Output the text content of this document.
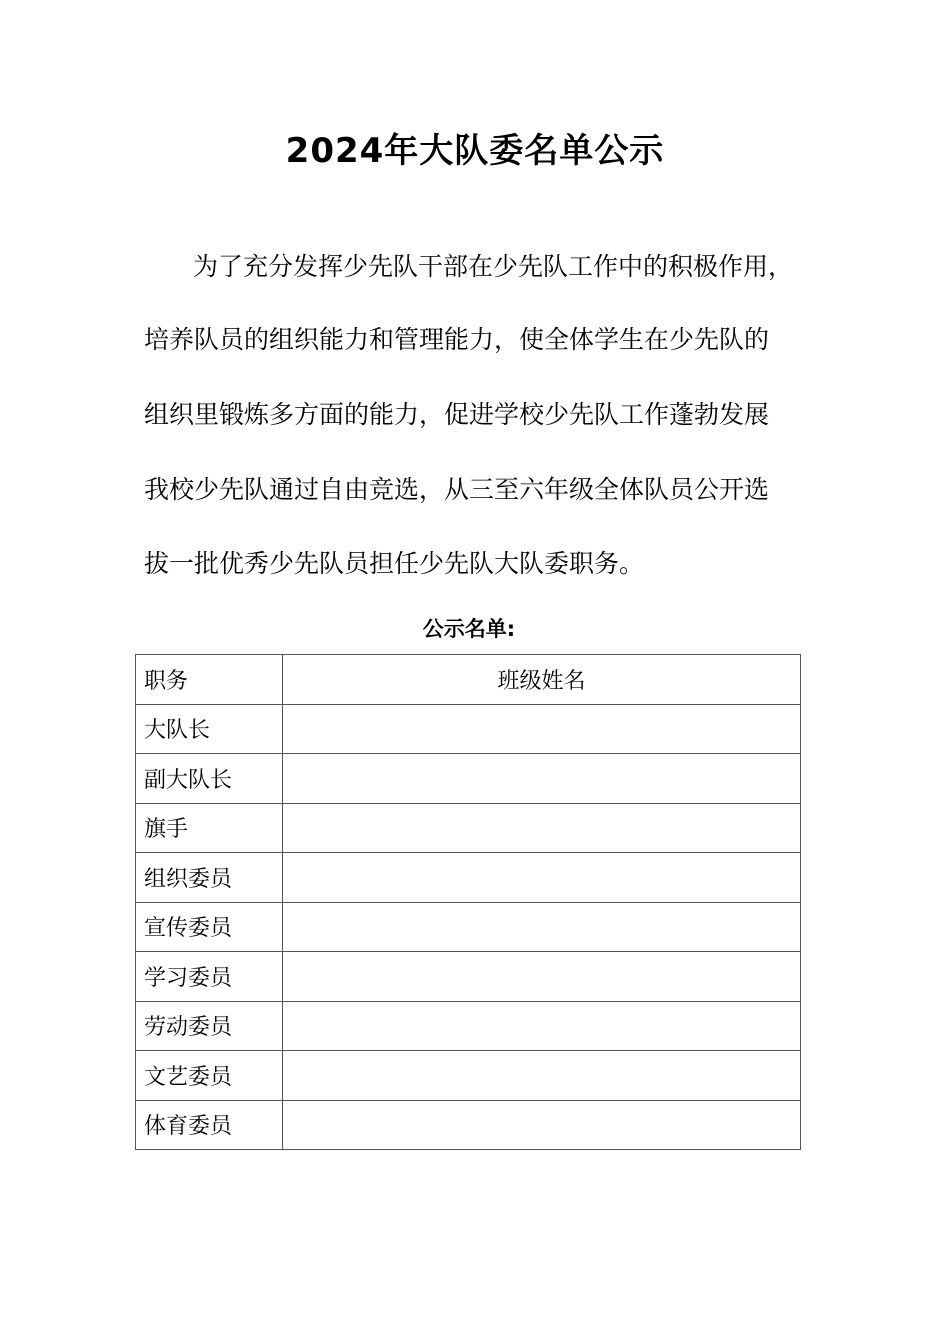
2024年大队委名单公示
为了充分发挥少先队干部在少先队工作中的积极作用，
培养队员的组织能力和管理能力，使全体学生在少先队的
组织里锻炼多方面的能力，促进学校少先队工作蓬勃发展
我校少先队通过自由竞选，从三至六年级全体队员公开选
拔一批优秀少先队员担任少先队大队委职务。
公示名单:
职务	班级姓名
大队长	
副大队长	
旗手	
组织委员	
宣传委员	
学习委员	
劳动委员	
文艺委员	
体育委员	
